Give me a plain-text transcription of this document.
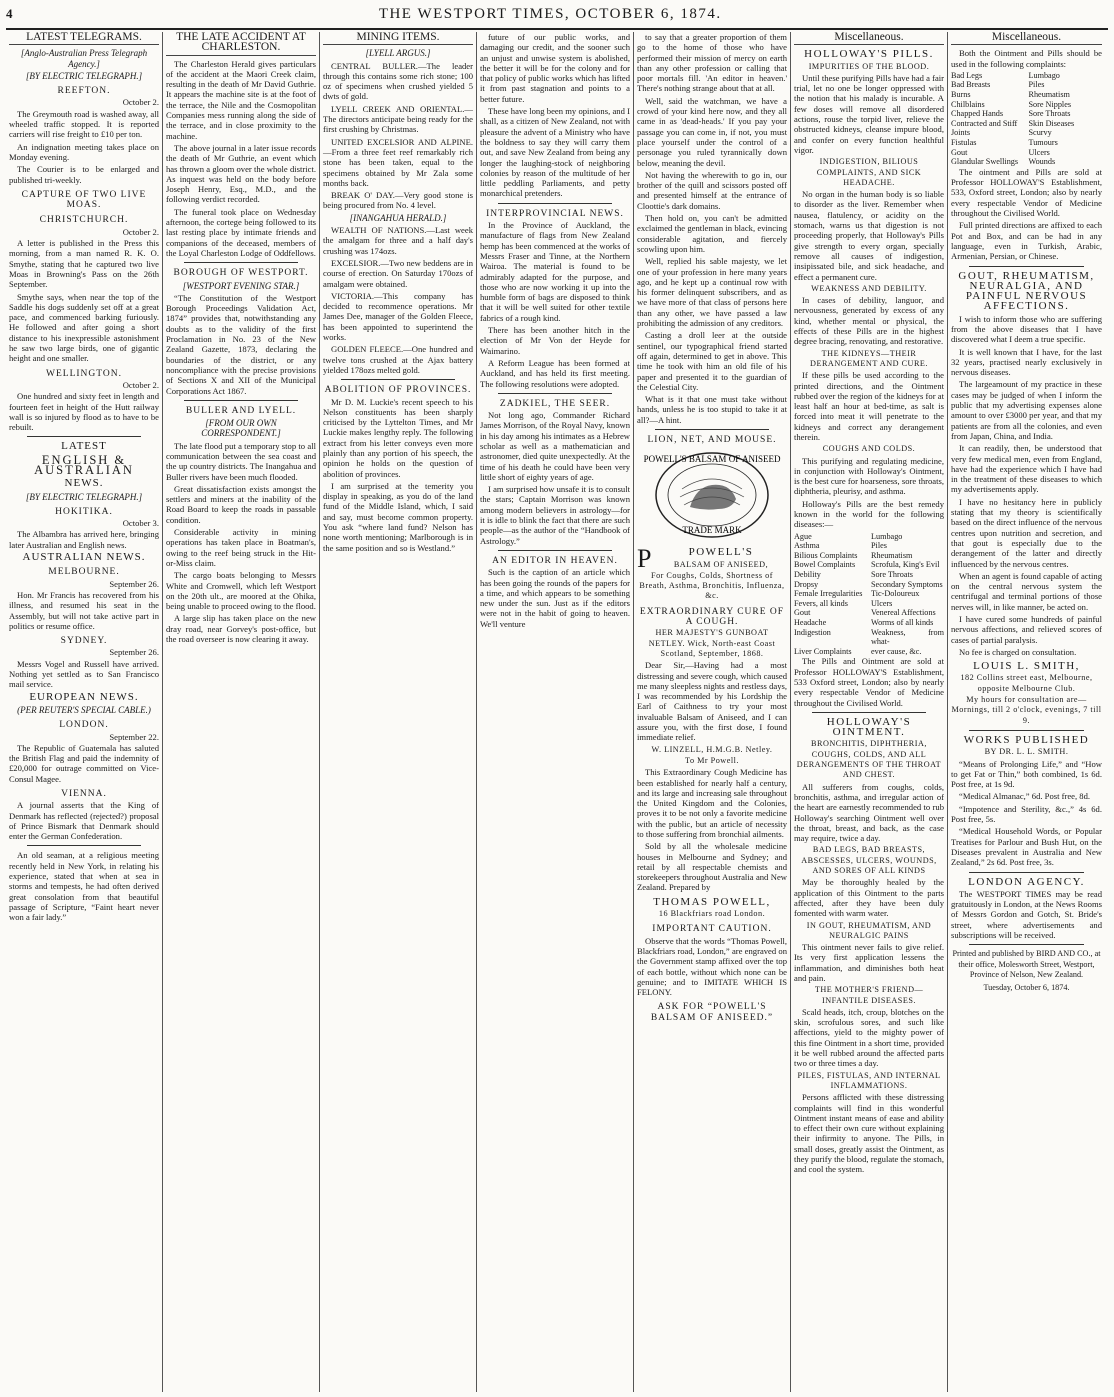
4	THE WESTPORT TIMES, OCTOBER 6, 1874.
LATEST TELEGRAMS.
[Anglo-Australian Press Telegraph Agency.]
[BY ELECTRIC TELEGRAPH.]
REEFTON.
October 2.

The Greymouth road is washed away, all wheeled traffic stopped. It is reported carriers will rise freight to £10 per ton.

An indignation meeting takes place on Monday evening.

The Courier is to be enlarged and published tri-weekly.

CAPTURE OF TWO LIVE MOAS.
CHRISTCHURCH.
October 2.

A letter is published in the Press this morning, from a man named R. K. O. Smythe, stating that he captured two live Moas in Browning's Pass on the 26th September.

Smythe says, when near the top of the Saddle his dogs suddenly set off at a great pace, and commenced barking furiously. He followed and after going a short distance to his inexpressible astonishment he saw two large birds, one of gigantic height and one smaller.

WELLINGTON.
October 2.

One hundred and sixty feet in length and fourteen feet in height of the Hutt railway wall is so injured by flood as to have to be rebuilt.

LATEST
ENGLISH & AUSTRALIAN
NEWS.
[BY ELECTRIC TELEGRAPH.]
HOKITIKA.
October 3.

The Albambra has arrived here, bringing later Australian and English news.

AUSTRALIAN NEWS.
MELBOURNE.
September 26.

Hon. Mr Francis has recovered from his illness, and resumed his seat in the Assembly, but will not take active part in politics or resume office.

SYDNEY.
September 26.

Messrs Vogel and Russell have arrived. Nothing yet settled as to San Francisco mail service.

EUROPEAN NEWS.
(PER REUTER'S SPECIAL CABLE.)
LONDON.
September 22.

The Republic of Guatemala has saluted the British Flag and paid the indemnity of £20,000 for outrage committed on Vice-Consul Magee.

VIENNA.

A journal asserts that the King of Denmark has reflected (rejected?) proposal of Prince Bismark that Denmark should enter the German Confederation.

An old seaman, at a religious meeting recently held in New York, in relating his experience, stated that when at sea in storms and tempests, he had often derived great consolation from that beautiful passage of Scripture, “Faint heart never won a fair lady.”

THE LATE ACCIDENT AT CHARLESTON.

The Charleston Herald gives particulars of the accident at the Maori Creek claim, resulting in the death of Mr David Guthrie. It appears the machine site is at the foot of the terrace, the Nile and the Cosmopolitan Companies mess running along the side of the terrace, and in close proximity to the machine.

The above journal in a later issue records the death of Mr Guthrie, an event which has thrown a gloom over the whole district. As inquest was held on the body before Joseph Henry, Esq., M.D., and the following verdict recorded.

The funeral took place on Wednesday afternoon, the cortege being followed to its last resting place by intimate friends and companions of the deceased, members of the Loyal Charleston Lodge of Oddfellows.

BOROUGH OF WESTPORT.
[WESTPORT EVENING STAR.]

“The Constitution of the Westport Borough Proceedings Validation Act, 1874” provides that, notwithstanding any doubts as to the validity of the first Proclamation in No. 23 of the New Zealand Gazette, 1873, declaring the boundaries of the district, or any noncompliance with the precise provisions of Sections X and XII of the Municipal Corporations Act 1867.

BULLER AND LYELL.
[FROM OUR OWN CORRESPONDENT.]

The late flood put a temporary stop to all communication between the sea coast and the up country districts. The Inangahua and Buller rivers have been much flooded.

Great dissatisfaction exists amongst the settlers and miners at the inability of the Road Board to keep the roads in passable condition.

Considerable activity in mining operations has taken place in Boatman's, owing to the reef being struck in the Hit-or-Miss claim.

The cargo boats belonging to Messrs White and Cromwell, which left Westport on the 20th ult., are moored at the Ohika, being unable to proceed owing to the flood.

A large slip has taken place on the new dray road, near Gorvey's post-office, but the road overseer is now clearing it away.

MINING ITEMS.
[LYELL ARGUS.]

CENTRAL BULLER.—The leader through this contains some rich stone; 100 oz of specimens when crushed yielded 5 dwts of gold.

LYELL CREEK AND ORIENTAL.—The directors anticipate being ready for the first crushing by Christmas.

UNITED EXCELSIOR AND ALPINE.—From a three feet reef remarkably rich stone has been taken, equal to the specimens obtained by Mr Zala some months back.

BREAK O' DAY.—Very good stone is being procured from No. 4 level.

[INANGAHUA HERALD.]

WEALTH OF NATIONS.—Last week the amalgam for three and a half day's crushing was 174ozs.

EXCELSIOR.—Two new beddens are in course of erection. On Saturday 170ozs of amalgam were obtained.

VICTORIA.—This company has decided to recommence operations. Mr James Dee, manager of the Golden Fleece, has been appointed to superintend the works.

GOLDEN FLEECE.—One hundred and twelve tons crushed at the Ajax battery yielded 178ozs melted gold.

ABOLITION OF PROVINCES.

Mr D. M. Luckie's recent speech to his Nelson constituents has been sharply criticised by the Lyttelton Times, and Mr Luckie makes lengthy reply. The following extract from his letter conveys even more plainly than any portion of his speech, the opinion he holds on the question of abolition of provinces.

I am surprised at the temerity you display in speaking, as you do of the land fund of the Middle Island, which, I said and say, must become common property. You ask “where land fund? Nelson has none worth mentioning; Marlborough is in the same position and so is Westland.”

future of our public works, and damaging our credit, and the sooner such an unjust and unwise system is abolished, the better it will be for the colony and for that policy of public works which has lifted it from past stagnation and points to a better future.

These have long been my opinions, and I shall, as a citizen of New Zealand, not with pleasure the advent of a Ministry who have the boldness to say they will carry them out, and save New Zealand from being any longer the laughing-stock of neighboring colonies by reason of the multitude of her little peddling Parliaments, and petty monarchical pretenders.

INTERPROVINCIAL NEWS.

In the Province of Auckland, the manufacture of flags from New Zealand hemp has been commenced at the works of Messrs Fraser and Tinne, at the Northern Wairoa. The material is found to be admirably adapted for the purpose, and those who are now working it up into the humble form of bags are disposed to think that it will be well suited for other textile fabrics of a rough kind.

There has been another hitch in the election of Mr Von der Heyde for Waimarino.

A Reform League has been formed at Auckland, and has held its first meeting. The following resolutions were adopted.

ZADKIEL, THE SEER.

Not long ago, Commander Richard James Morrison, of the Royal Navy, known in his day among his intimates as a Hebrew scholar as well as a mathematician and astronomer, died quite unexpectedly. At the time of his death he could have been very little short of eighty years of age.

I am surprised how unsafe it is to consult the stars; Captain Morrison was known among modern believers in astrology—for it is idle to blink the fact that there are such people—as the author of the “Handbook of Astrology.”

AN EDITOR IN HEAVEN.

Such is the caption of an article which has been going the rounds of the papers for a time, and which appears to be something new under the sun. Just as if the editors were not in the habit of going to heaven. We'll venture

to say that a greater proportion of them go to the home of those who have performed their mission of mercy on earth than any other profession or calling that poor mortals fill. 'An editor in heaven.' There's nothing strange about that at all.

Well, said the watchman, we have a crowd of your kind here now, and they all came in as 'dead-heads.' If you pay your passage you can come in, if not, you must place yourself under the control of a personage you ruled tyrannically down below, meaning the devil.

Not having the wherewith to go in, our brother of the quill and scissors posted off and presented himself at the entrance of Cloottie's dark domains.

Then hold on, you can't be admitted exclaimed the gentleman in black, evincing considerable agitation, and fiercely scowling upon him.

Well, replied his sable majesty, we let one of your profession in here many years ago, and he kept up a continual row with his former delinquent subscribers, and as we have more of that class of persons here than any other, we have passed a law prohibiting the admission of any creditors.

Casting a droll leer at the outside sentinel, our typographical friend started off again, determined to get in above. This time he took with him an old file of his paper and presented it to the guardian of the Celestial City.

What is it that one must take without hands, unless he is too stupid to take it at all?—A hint.

LION, NET, AND MOUSE.
POWELL'S BALSAM OF ANISEED
TRADE MARK
P	POWELL'S
BALSAM OF ANISEED,
For Coughs, Colds, Shortness of Breath, Asthma, Bronchitis, Influenza, &c.
EXTRAORDINARY CURE OF A COUGH.
HER MAJESTY'S GUNBOAT NETLEY. Wick, North-east Coast Scotland, September, 1868.

Dear Sir,—Having had a most distressing and severe cough, which caused me many sleepless nights and restless days, I was recommended by his Lordship the Earl of Caithness to try your most invaluable Balsam of Aniseed, and I can assure you, with the first dose, I found immediate relief.

W. LINZELL, H.M.G.B. Netley.
To Mr Powell.

This Extraordinary Cough Medicine has been established for nearly half a century, and its large and increasing sale throughout the United Kingdom and the Colonies, proves it to be not only a favorite medicine with the public, but an article of necessity to those suffering from bronchial ailments.

Sold by all the wholesale medicine houses in Melbourne and Sydney; and retail by all respectable chemists and storekeepers throughout Australia and New Zealand. Prepared by

THOMAS POWELL,
16 Blackfriars road London.
IMPORTANT CAUTION.

Observe that the words “Thomas Powell, Blackfriars road, London,” are engraved on the Government stamp affixed over the top of each bottle, without which none can be genuine; and to IMITATE WHICH IS FELONY.

ASK FOR “POWELL'S BALSAM OF ANISEED.”
Miscellaneous.
HOLLOWAY'S PILLS.
IMPURITIES OF THE BLOOD.

Until these purifying Pills have had a fair trial, let no one be longer oppressed with the notion that his malady is incurable. A few doses will remove all disordered actions, rouse the torpid liver, relieve the obstructed kidneys, cleanse impure blood, and confer on every function healthful vigor.

INDIGESTION, BILIOUS COMPLAINTS, AND SICK HEADACHE.

No organ in the human body is so liable to disorder as the liver. Remember when nausea, flatulency, or acidity on the stomach, warns us that digestion is not proceeding properly, that Holloway's Pills give strength to every organ, specially remove all causes of indigestion, insipissated bile, and sick headache, and effect a permanent cure.

WEAKNESS AND DEBILITY.

In cases of debility, languor, and nervousness, generated by excess of any kind, whether mental or physical, the effects of these Pills are in the highest degree bracing, renovating, and restorative.

THE KIDNEYS—THEIR DERANGEMENT AND CURE.

If these pills be used according to the printed directions, and the Ointment rubbed over the region of the kidneys for at least half an hour at bed-time, as salt is forced into meat it will penetrate to the kidneys and correct any derangement therein.

COUGHS AND COLDS.

This purifying and regulating medicine, in conjunction with Holloway's Ointment, is the best cure for hoarseness, sore throats, diphtheria, pleurisy, and asthma.

Holloway's Pills are the best remedy known in the world for the following diseases:—

Ague	Lumbago
Asthma	Piles
Bilious Complaints	Rheumatism
Bowel Complaints	Scrofula, King's Evil
Debility	Sore Throats
Dropsy	Secondary Symptoms
Female Irregularities	Tic-Doloureux
Fevers, all kinds	Ulcers
Gout	Venereal Affections
Headache	Worms of all kinds
Indigestion	Weakness, from what-
Liver Complaints	ever cause, &c.

The Pills and Ointment are sold at Professor HOLLOWAY'S Establishment, 533 Oxford street, London; also by nearly every respectable Vendor of Medicine throughout the Civilised World.

HOLLOWAY'S OINTMENT.
BRONCHITIS, DIPHTHERIA, COUGHS, COLDS, AND ALL DERANGEMENTS OF THE THROAT AND CHEST.

All sufferers from coughs, colds, bronchitis, asthma, and irregular action of the heart are earnestly recommended to rub Holloway's searching Ointment well over the throat, breast, and back, as the case may require, twice a day.

BAD LEGS, BAD BREASTS, ABSCESSES, ULCERS, WOUNDS, AND SORES OF ALL KINDS

May be thoroughly healed by the application of this Ointment to the parts affected, after they have been duly fomented with warm water.

IN GOUT, RHEUMATISM, AND NEURALGIC PAINS

This ointment never fails to give relief. Its very first application lessens the inflammation, and diminishes both heat and pain.

THE MOTHER'S FRIEND—INFANTILE DISEASES.

Scald heads, itch, croup, blotches on the skin, scrofulous sores, and such like affections, yield to the mighty power of this fine Ointment in a short time, provided it be well rubbed around the affected parts two or three times a day.

PILES, FISTULAS, AND INTERNAL INFLAMMATIONS.

Persons afflicted with these distressing complaints will find in this wonderful Ointment instant means of ease and ability to effect their own cure without explaining their infirmity to anyone. The Pills, in small doses, greatly assist the Ointment, as they purify the blood, regulate the stomach, and cool the system.

Miscellaneous.

Both the Ointment and Pills should be used in the following complaints:

Bad Legs	Lumbago
Bad Breasts	Piles
Burns	Rheumatism
Chilblains	Sore Nipples
Chapped Hands	Sore Throats
Contracted and Stiff	Skin Diseases
Joints	Scurvy
Fistulas	Tumours
Gout	Ulcers
Glandular Swellings	Wounds

The ointment and Pills are sold at Professor HOLLOWAY'S Establishment, 533, Oxford street, London; also by nearly every respectable Vendor of Medicine throughout the Civilised World.

Full printed directions are affixed to each Pot and Box, and can be had in any language, even in Turkish, Arabic, Armenian, Persian, or Chinese.

GOUT, RHEUMATISM, NEURALGIA, AND PAINFUL NERVOUS AFFECTIONS.

I wish to inform those who are suffering from the above diseases that I have discovered what I deem a true specific.

It is well known that I have, for the last 32 years, practised nearly exclusively in nervous diseases.

The largeamount of my practice in these cases may be judged of when I inform the public that my advertising expenses alone amount to over £3000 per year, and that my patients are from all the colonies, and even from Japan, China, and India.

It can readily, then, be understood that very few medical men, even from England, have had the experience which I have had in the treatment of these diseases to which my advertisements apply.

I have no hesitancy here in publicly stating that my theory is scientifically based on the direct influence of the nervous centres upon nutrition and secretion, and that gout is especially due to the derangement of the latter and directly influenced by the nervous centres.

When an agent is found capable of acting on the central nervous system the centrifugal and terminal portions of those nerves will, in like manner, be acted on.

I have cured some hundreds of painful nervous affections, and relieved scores of cases of partial paralysis.

No fee is charged on consultation.

LOUIS L. SMITH,
182 Collins street east, Melbourne, opposite Melbourne Club.
My hours for consultation are—Mornings, till 2 o'clock, evenings, 7 till 9.
WORKS PUBLISHED
BY DR. L. L. SMITH.

“Means of Prolonging Life,” and “How to get Fat or Thin,” both combined, 1s 6d. Post free, at 1s 9d.

“Medical Almanac,” 6d. Post free, 8d.

“Impotence and Sterility, &c.,” 4s 6d. Post free, 5s.

“Medical Household Words, or Popular Treatises for Parlour and Bush Hut, on the Diseases prevalent in Australia and New Zealand,” 2s 6d. Post free, 3s.

LONDON AGENCY.

The WESTPORT TIMES may be read gratuitously in London, at the News Rooms of Messrs Gordon and Gotch, St. Bride's street, where advertisements and subscriptions will be received.

Printed and published by BIRD AND CO., at their office, Molesworth Street, Westport, Province of Nelson, New Zealand.
Tuesday, October 6, 1874.
